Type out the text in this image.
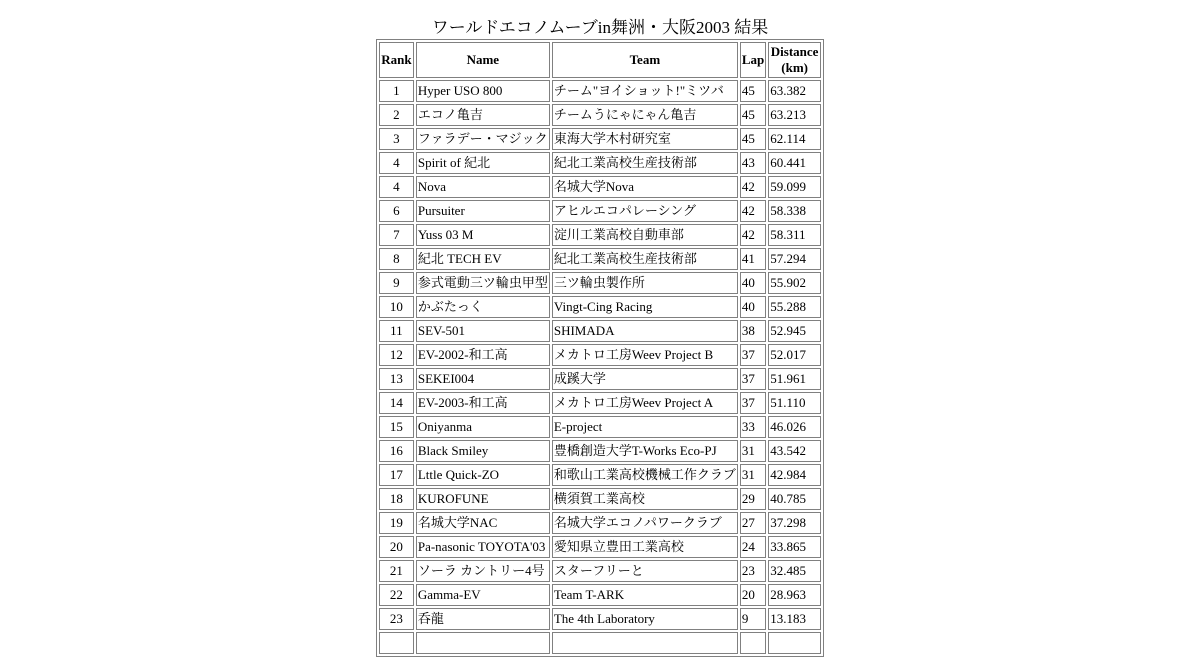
ワールドエコノムーブin舞洲・大阪2003 結果
Rank	Name	Team	Lap	Distance
(km)
1	Hyper USO 800	チーム"ヨイショット!"ミツバ	45	63.382
2	エコノ亀吉	チームうにゃにゃん亀吉	45	63.213
3	ファラデー・マジック	東海大学木村研究室	45	62.114
4	Spirit of 紀北	紀北工業高校生産技術部	43	60.441
4	Nova	名城大学Nova	42	59.099
6	Pursuiter	アヒルエコパレーシング	42	58.338
7	Yuss 03 M	淀川工業高校自動車部	42	58.311
8	紀北 TECH EV	紀北工業高校生産技術部	41	57.294
9	参式電動三ツ輪虫甲型	三ツ輪虫製作所	40	55.902
10	かぶたっく	Vingt-Cing Racing	40	55.288
11	SEV-501	SHIMADA	38	52.945
12	EV-2002-和工高	メカトロ工房Weev Project B	37	52.017
13	SEKEI004	成蹊大学	37	51.961
14	EV-2003-和工高	メカトロ工房Weev Project A	37	51.110
15	Oniyanma	E-project	33	46.026
16	Black Smiley	豊橋創造大学T-Works Eco-PJ	31	43.542
17	Lttle Quick-ZO	和歌山工業高校機械工作クラブ	31	42.984
18	KUROFUNE	横須賀工業高校	29	40.785
19	名城大学NAC	名城大学エコノパワークラブ	27	37.298
20	Pa-nasonic TOYOTA'03	愛知県立豊田工業高校	24	33.865
21	ソーラ カントリー4号	スターフリーと	23	32.485
22	Gamma-EV	Team T-ARK	20	28.963
23	呑龍	The 4th Laboratory	9	13.183
